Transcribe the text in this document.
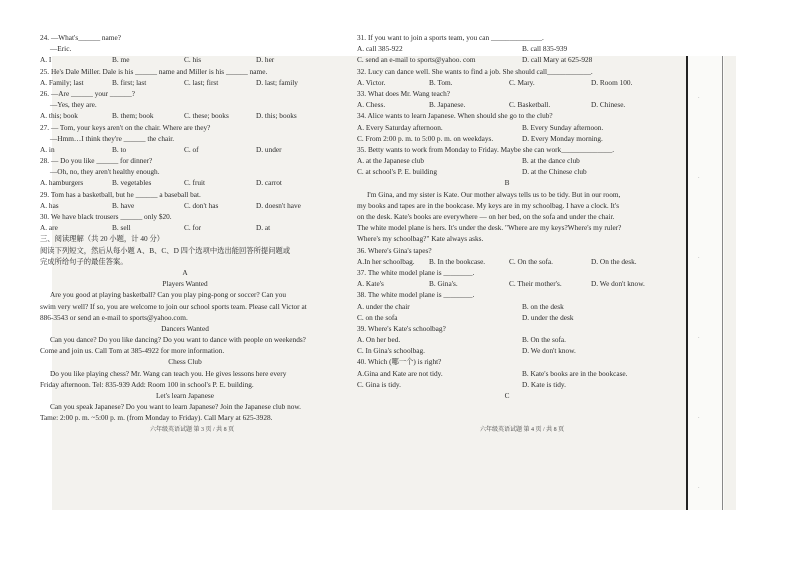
24. —What's______ name?
—Eric.
A. I	B. me	C. his	D. her
25. He's Dale Miller. Dale is his ______ name and Miller is his ______ name.
A. Family; last	B. first; last	C. last; first	D. last; family
26. —Are ______ your ______?
—Yes, they are.
A. this; book	B. them; book	C. these; books	D. this; books
27. — Tom, your keys aren't on the chair. Where are they?
—Hmm…I think they're ______ the chair.
A. in	B. to	C. of	D. under
28. — Do you like ______ for dinner?
—Oh, no, they aren't healthy enough.
A. hamburgers	B. vegetables	C. fruit	D. carrot
29. Tom has a basketball, but he ______ a baseball bat.
A. has	B. have	C. don't has	D. doesn't have
30. We have black trousers ______ only $20.
A. are	B. sell	C. for	D. at
三、阅读理解（共 20 小题，计 40 分）
阅读下列短文，然后从每小题 A、B、C、D 四个选项中选出能回答所提问题或
完成所给句子的最佳答案。
A
Players Wanted
Are you good at playing basketball? Can you play ping-pong or soccer? Can you
swim very well? If so, you are welcome to join our school sports team. Please call Victor at
886-3543 or send an e-mail to sports@yahoo.com.
Dancers Wanted
Can you dance? Do you like dancing? Do you want to dance with people on weekends?
Come and join us. Call Tom at 385-4922 for more information.
Chess Club
Do you like playing chess? Mr. Wang can teach you. He gives lessons here every
Friday afternoon. Tel: 835-939 Add: Room 100 in school's P. E. building.
Let's learn Japanese
Can you speak Japanese? Do you want to learn Japanese? Join the Japanese club now.
Tame: 2:00 p. m. ~5:00 p. m. (from Monday to Friday). Call Mary at 625-3928.
31. If you want to join a sports team, you can ______________.
A. call 385-922	B. call 835-939
C. send an e-mail to sports@yahoo. com	D. call Mary at 625-928
32. Lucy can dance well. She wants to find a job. She should call____________.
A. Victor.	B. Tom.	C. Mary.	D. Room 100.
33. What does Mr. Wang teach?
A. Chess.	B. Japanese.	C. Basketball.	D. Chinese.
34. Alice wants to learn Japanese. When should she go to the club?
A. Every Saturday afternoon.	B. Every Sunday afternoon.
C. From 2:00 p. m. to 5:00 p. m. on weekdays.	D. Every Monday morning.
35. Betty wants to work from Monday to Friday. Maybe she can work______________.
A. at the Japanese club	B. at the dance club
C. at school's P. E. building	D. at the Chinese club
B
I'm Gina, and my sister is Kate. Our mother always tells us to be tidy. But in our room,
my books and tapes are in the bookcase. My keys are in my schoolbag. I have a clock. It's
on the desk. Kate's books are everywhere — on her bed, on the sofa and under the chair.
The white model plane is hers. It's under the desk. "Where are my keys?Where's my ruler?
Where's my schoolbag?" Kate always asks.
36. Where's Gina's tapes?
A.In her schoolbag.	B. In the bookcase.	C. On the sofa.	D. On the desk.
37. The white model plane is ________.
A. Kate's	B. Gina's.	C. Their mother's.	D. We don't know.
38. The white model plane is ________.
A. under the chair	B. on the desk
C. on the sofa	D. under the desk
39. Where's Kate's schoolbag?
A. On her bed.	B. On the sofa.
C. In Gina's schoolbag.	D. We don't know.
40. Which (哪一个) is right?
A.Gina and Kate are not tidy.	B. Kate's books are in the bookcase.
C. Gina is tidy.	D. Kate is tidy.
C
六年级英语试题 第 3 页 / 共 8 页	六年级英语试题 第 4 页 / 共 8 页
·
·
·
·
·
·
